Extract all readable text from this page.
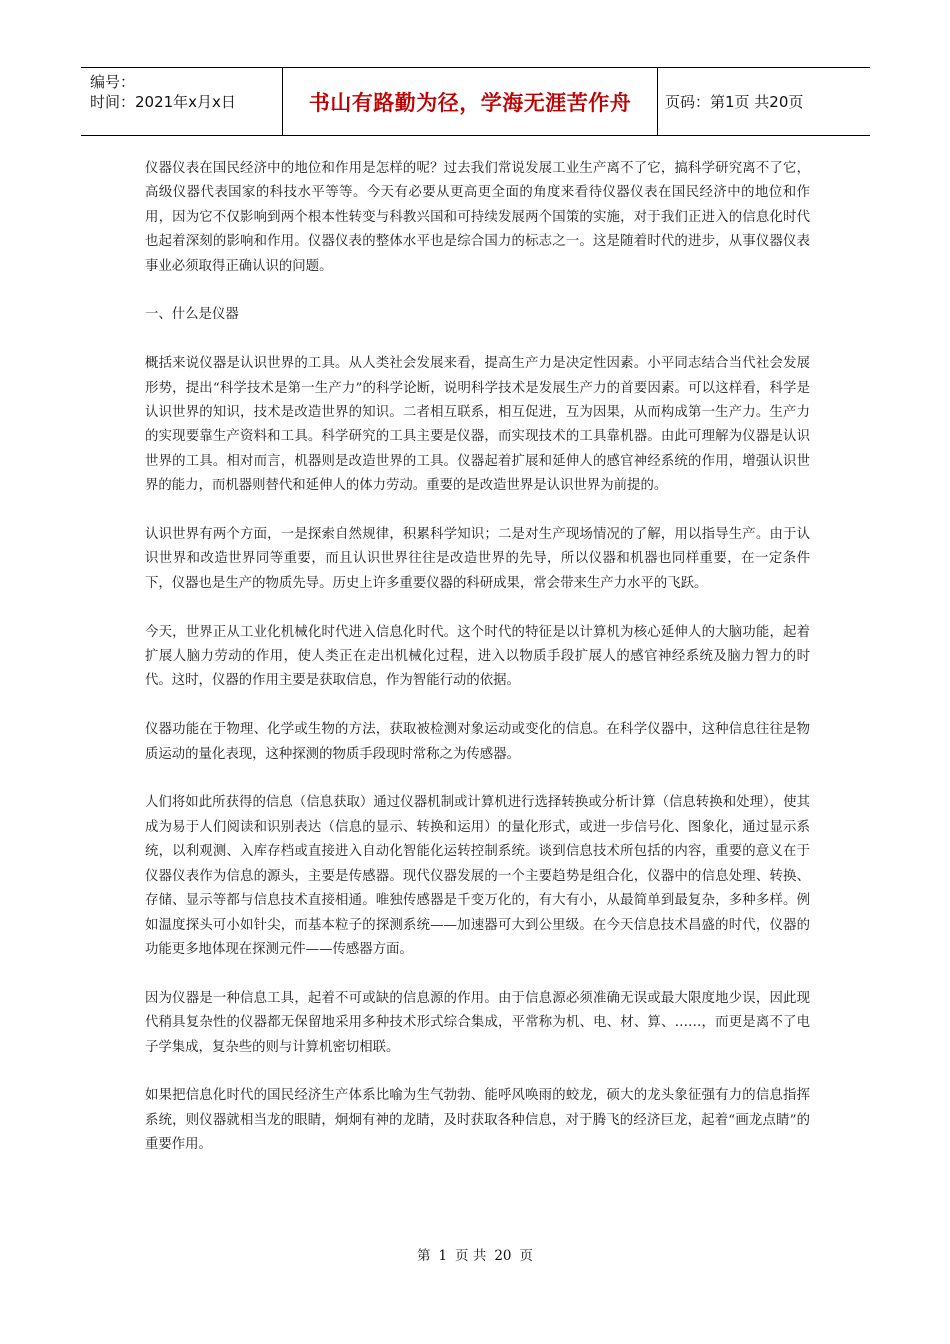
编号：
时间：2021年x月x日	书山有路勤为径，学海无涯苦作舟	页码：第1页 共20页

仪器仪表在国民经济中的地位和作用是怎样的呢？过去我们常说发展工业生产离不了它，搞科学研究离不了它，高级仪器代表国家的科技水平等等。今天有必要从更高更全面的角度来看待仪器仪表在国民经济中的地位和作用，因为它不仅影响到两个根本性转变与科教兴国和可持续发展两个国策的实施，对于我们正进入的信息化时代也起着深刻的影响和作用。仪器仪表的整体水平也是综合国力的标志之一。这是随着时代的进步，从事仪器仪表事业必须取得正确认识的问题。

一、什么是仪器

概括来说仪器是认识世界的工具。从人类社会发展来看，提高生产力是决定性因素。小平同志结合当代社会发展形势，提出“科学技术是第一生产力”的科学论断，说明科学技术是发展生产力的首要因素。可以这样看，科学是认识世界的知识，技术是改造世界的知识。二者相互联系，相互促进，互为因果，从而构成第一生产力。生产力的实现要靠生产资料和工具。科学研究的工具主要是仪器，而实现技术的工具靠机器。由此可理解为仪器是认识世界的工具。相对而言，机器则是改造世界的工具。仪器起着扩展和延伸人的感官神经系统的作用，增强认识世界的能力，而机器则替代和延伸人的体力劳动。重要的是改造世界是认识世界为前提的。

认识世界有两个方面，一是探索自然规律，积累科学知识；二是对生产现场情况的了解，用以指导生产。由于认识世界和改造世界同等重要，而且认识世界往往是改造世界的先导，所以仪器和机器也同样重要，在一定条件下，仪器也是生产的物质先导。历史上许多重要仪器的科研成果，常会带来生产力水平的飞跃。

今天，世界正从工业化机械化时代进入信息化时代。这个时代的特征是以计算机为核心延伸人的大脑功能，起着扩展人脑力劳动的作用，使人类正在走出机械化过程，进入以物质手段扩展人的感官神经系统及脑力智力的时代。这时，仪器的作用主要是获取信息，作为智能行动的依据。

仪器功能在于物理、化学或生物的方法，获取被检测对象运动或变化的信息。在科学仪器中，这种信息往往是物质运动的量化表现，这种探测的物质手段现时常称之为传感器。

人们将如此所获得的信息（信息获取）通过仪器机制或计算机进行选择转换或分析计算（信息转换和处理），使其成为易于人们阅读和识别表达（信息的显示、转换和运用）的量化形式，或进一步信号化、图象化，通过显示系统，以利观测、入库存档或直接进入自动化智能化运转控制系统。谈到信息技术所包括的内容，重要的意义在于仪器仪表作为信息的源头，主要是传感器。现代仪器发展的一个主要趋势是组合化，仪器中的信息处理、转换、存储、显示等都与信息技术直接相通。唯独传感器是千变万化的，有大有小，从最简单到最复杂，多种多样。例如温度探头可小如针尖，而基本粒子的探测系统——加速器可大到公里级。在今天信息技术昌盛的时代，仪器的功能更多地体现在探测元件——传感器方面。

因为仪器是一种信息工具，起着不可或缺的信息源的作用。由于信息源必须准确无误或最大限度地少误，因此现代稍具复杂性的仪器都无保留地采用多种技术形式综合集成，平常称为机、电、材、算、……，而更是离不了电子学集成，复杂些的则与计算机密切相联。

如果把信息化时代的国民经济生产体系比喻为生气勃勃、能呼风唤雨的蛟龙，硕大的龙头象征强有力的信息指挥系统，则仪器就相当龙的眼睛，炯炯有神的龙睛，及时获取各种信息，对于腾飞的经济巨龙，起着“画龙点睛”的重要作用。

第 1 页 共 20 页
